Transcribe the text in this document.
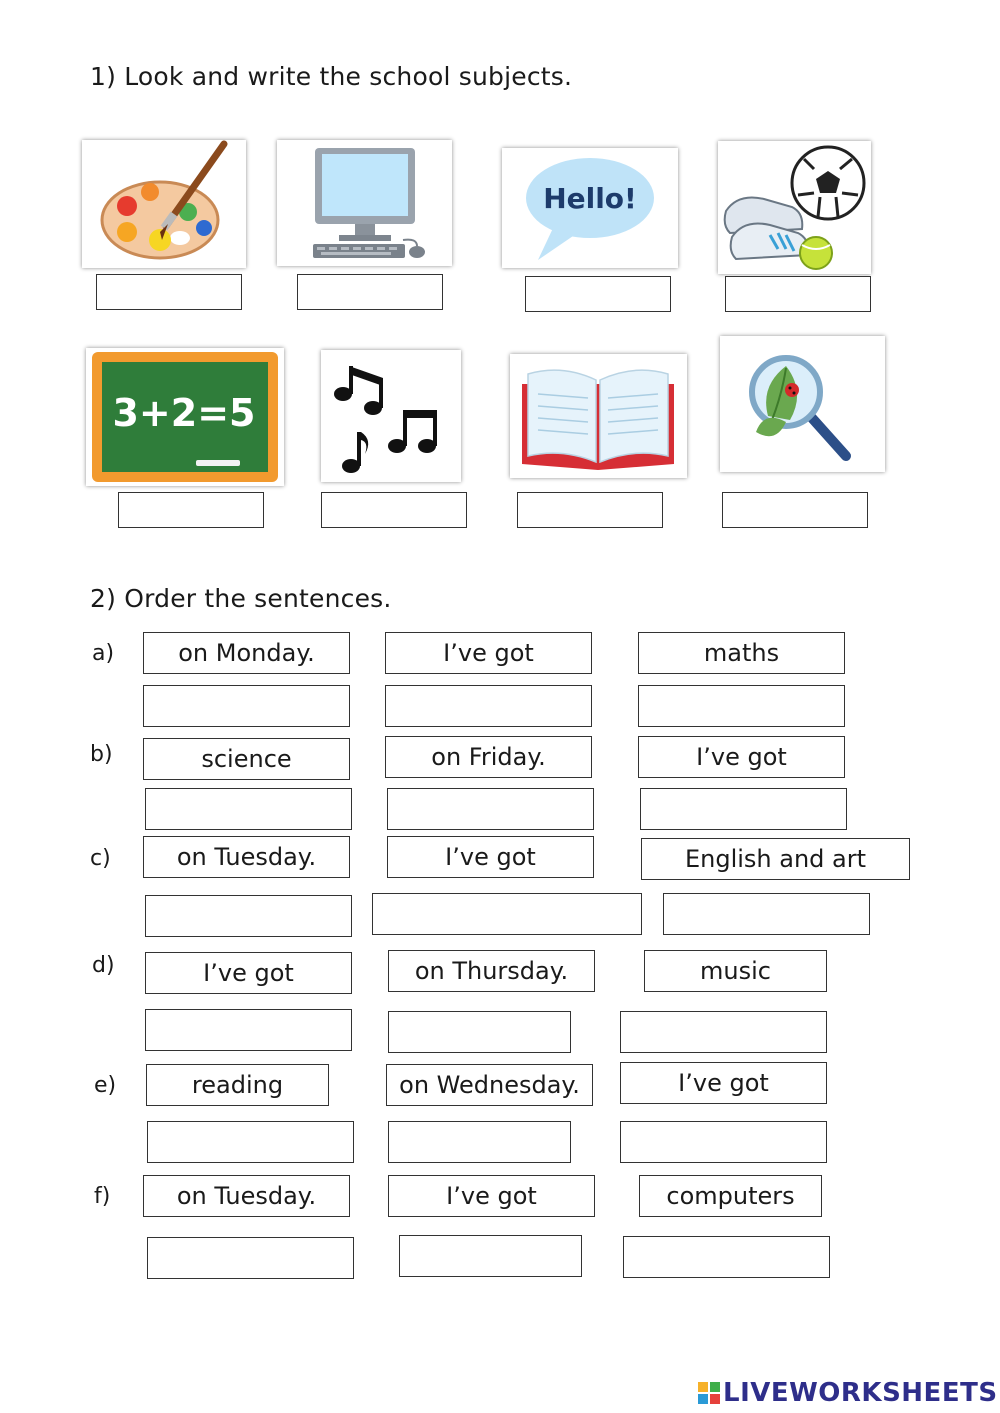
1) Look and write the school subjects.
Hello!
3+2=5
2) Order the sentences.
a)	on Monday.	I’ve got	maths
b)	science	on Friday.	I’ve got
c)	on Tuesday.	I’ve got	English and art
d)	I’ve got	on Thursday.	music
e)	reading	on Wednesday.	I’ve got
f)	on Tuesday.	I’ve got	computers
LIVEWORKSHEETS
